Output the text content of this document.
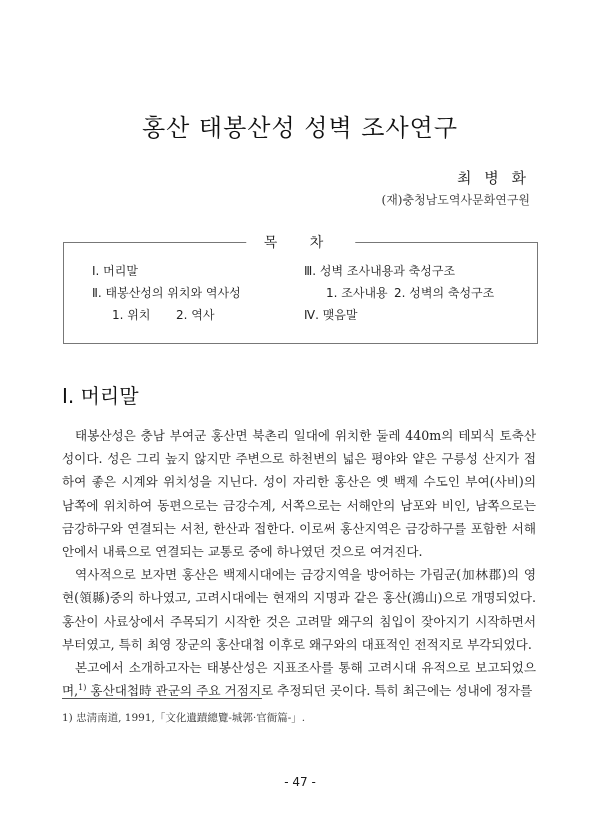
홍산 태봉산성 성벽 조사연구
최 병 화
(재)충청남도역사문화연구원
목 차
Ⅰ. 머리말
Ⅱ. 태봉산성의 위치와 역사성
1. 위치 2. 역사
Ⅲ. 성벽 조사내용과 축성구조
1. 조사내용 2. 성벽의 축성구조
Ⅳ. 맺음말
Ⅰ. 머리말

태봉산성은 충남 부여군 홍산면 북촌리 일대에 위치한 둘레 440m의 테뫼식 토축산성이다. 성은 그리 높지 않지만 주변으로 하천변의 넓은 평야와 얕은 구릉성 산지가 접하여 좋은 시계와 위치성을 지닌다. 성이 자리한 홍산은 옛 백제 수도인 부여(사비)의 남쪽에 위치하여 동편으로는 금강수계, 서쪽으로는 서해안의 남포와 비인, 남쪽으로는 금강하구와 연결되는 서천, 한산과 접한다. 이로써 홍산지역은 금강하구를 포함한 서해안에서 내륙으로 연결되는 교통로 중에 하나였던 것으로 여겨진다.

역사적으로 보자면 홍산은 백제시대에는 금강지역을 방어하는 가림군(加林郡)의 영현(領縣)중의 하나였고, 고려시대에는 현재의 지명과 같은 홍산(鴻山)으로 개명되었다. 홍산이 사료상에서 주목되기 시작한 것은 고려말 왜구의 침입이 잦아지기 시작하면서 부터였고, 특히 최영 장군의 홍산대첩 이후로 왜구와의 대표적인 전적지로 부각되었다.

본고에서 소개하고자는 태봉산성은 지표조사를 통해 고려시대 유적으로 보고되었으며,$^{1)}$ 홍산대첩時 관군의 주요 거점지로 추정되던 곳이다. 특히 최근에는 성내에 정자를

1) 忠淸南道, 1991,「文化遺蹟總覽-城郭·官衙篇-」.
- 47 -
